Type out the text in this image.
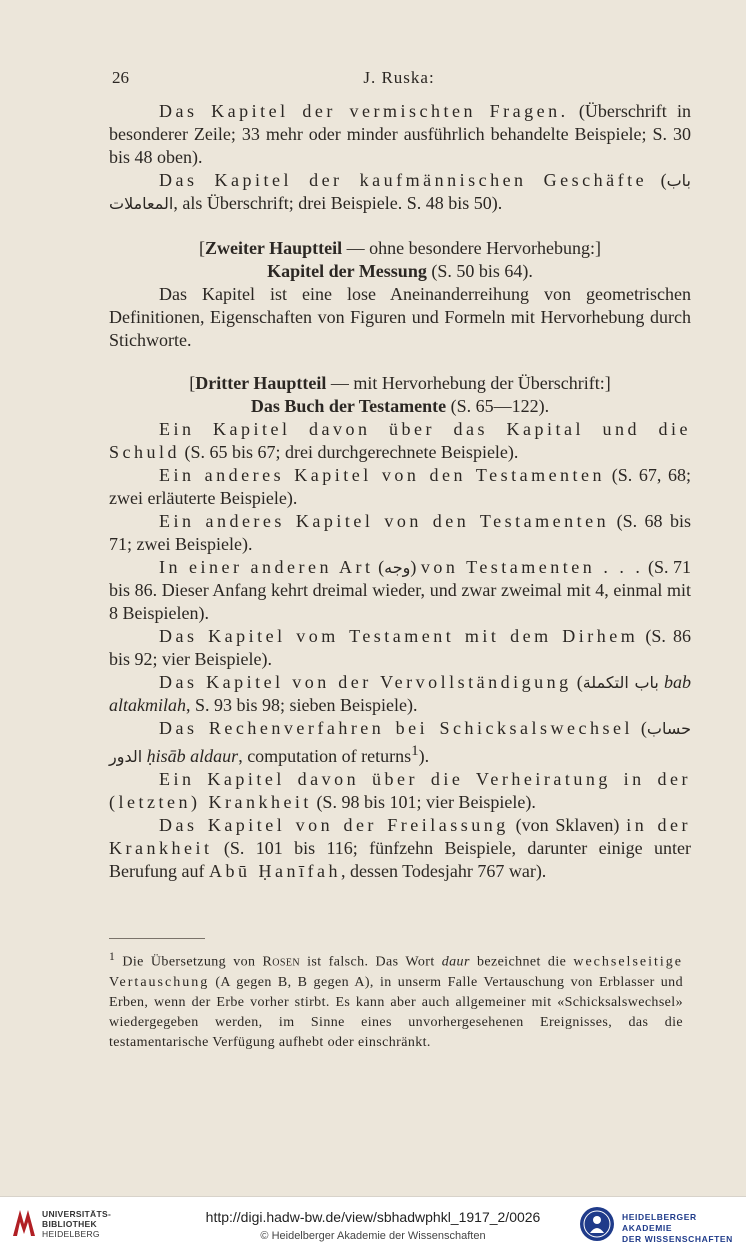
26	J. Ruska:

Das Kapitel der vermischten Fragen. (Überschrift in besonderer Zeile; 33 mehr oder minder ausführlich behandelte Beispiele; S. 30 bis 48 oben).

Das Kapitel der kaufmännischen Geschäfte (باب المعاملات, als Überschrift; drei Beispiele. S. 48 bis 50).

[Zweiter Hauptteil — ohne besondere Hervorhebung:]

Kapitel der Messung (S. 50 bis 64).

Das Kapitel ist eine lose Aneinanderreihung von geometrischen Definitionen, Eigenschaften von Figuren und Formeln mit Hervorhebung durch Stichworte.

[Dritter Hauptteil — mit Hervorhebung der Überschrift:]

Das Buch der Testamente (S. 65—122).

Ein Kapitel davon über das Kapital und die Schuld (S. 65 bis 67; drei durchgerechnete Beispiele).

Ein anderes Kapitel von den Testamenten (S. 67, 68; zwei erläuterte Beispiele).

Ein anderes Kapitel von den Testamenten (S. 68 bis 71; zwei Beispiele).

In einer anderen Art (وجه) von Testamenten . . . (S. 71 bis 86. Dieser Anfang kehrt dreimal wieder, und zwar zweimal mit 4, einmal mit 8 Beispielen).

Das Kapitel vom Testament mit dem Dirhem (S. 86 bis 92; vier Beispiele).

Das Kapitel von der Vervollständigung (باب التكملة bab altakmilah, S. 93 bis 98; sieben Beispiele).

Das Rechenverfahren bei Schicksalswechsel (حساب الدور ḥisāb aldaur, computation of returns$^1$).

Ein Kapitel davon über die Verheiratung in der (letzten) Krankheit (S. 98 bis 101; vier Beispiele).

Das Kapitel von der Freilassung (von Sklaven) in der Krankheit (S. 101 bis 116; fünfzehn Beispiele, darunter einige unter Berufung auf Abū Ḥanīfah, dessen Todesjahr 767 war).

$^1$ Die Übersetzung von Rosen ist falsch. Das Wort daur bezeichnet die wechselseitige Vertauschung (A gegen B, B gegen A), in unserm Falle Vertauschung von Erblasser und Erben, wenn der Erbe vorher stirbt. Es kann aber auch allgemeiner mit «Schicksalswechsel» wiedergegeben werden, im Sinne eines unvorhergesehenen Ereignisses, das die testamentarische Verfügung aufhebt oder einschränkt.
UNIVERSITÄTS-
BIBLIOTHEK
HEIDELBERG
http://digi.hadw-bw.de/view/sbhadwphkl_1917_2/0026
© Heidelberger Akademie der Wissenschaften
HEIDELBERGER AKADEMIE
DER WISSENSCHAFTEN
